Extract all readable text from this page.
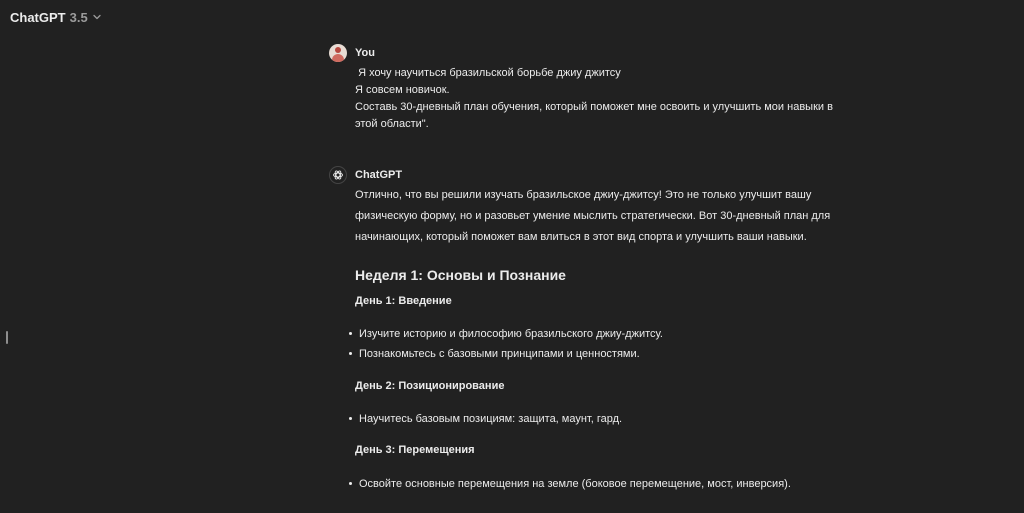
ChatGPT 3.5
You
Я хочу научиться бразильской борьбе джиу джитсу
Я совсем новичок.
Составь 30-дневный план обучения, который поможет мне освоить и улучшить мои навыки в
этой области".
ChatGPT
Отлично, что вы решили изучать бразильское джиу-джитсу! Это не только улучшит вашу
физическую форму, но и разовьет умение мыслить стратегически. Вот 30-дневный план для
начинающих, который поможет вам влиться в этот вид спорта и улучшить ваши навыки.
Неделя 1: Основы и Познание
День 1: Введение
Изучите историю и философию бразильского джиу-джитсу.
Познакомьтесь с базовыми принципами и ценностями.
День 2: Позиционирование
Научитесь базовым позициям: защита, маунт, гард.
День 3: Перемещения
Освойте основные перемещения на земле (боковое перемещение, мост, инверсия).
